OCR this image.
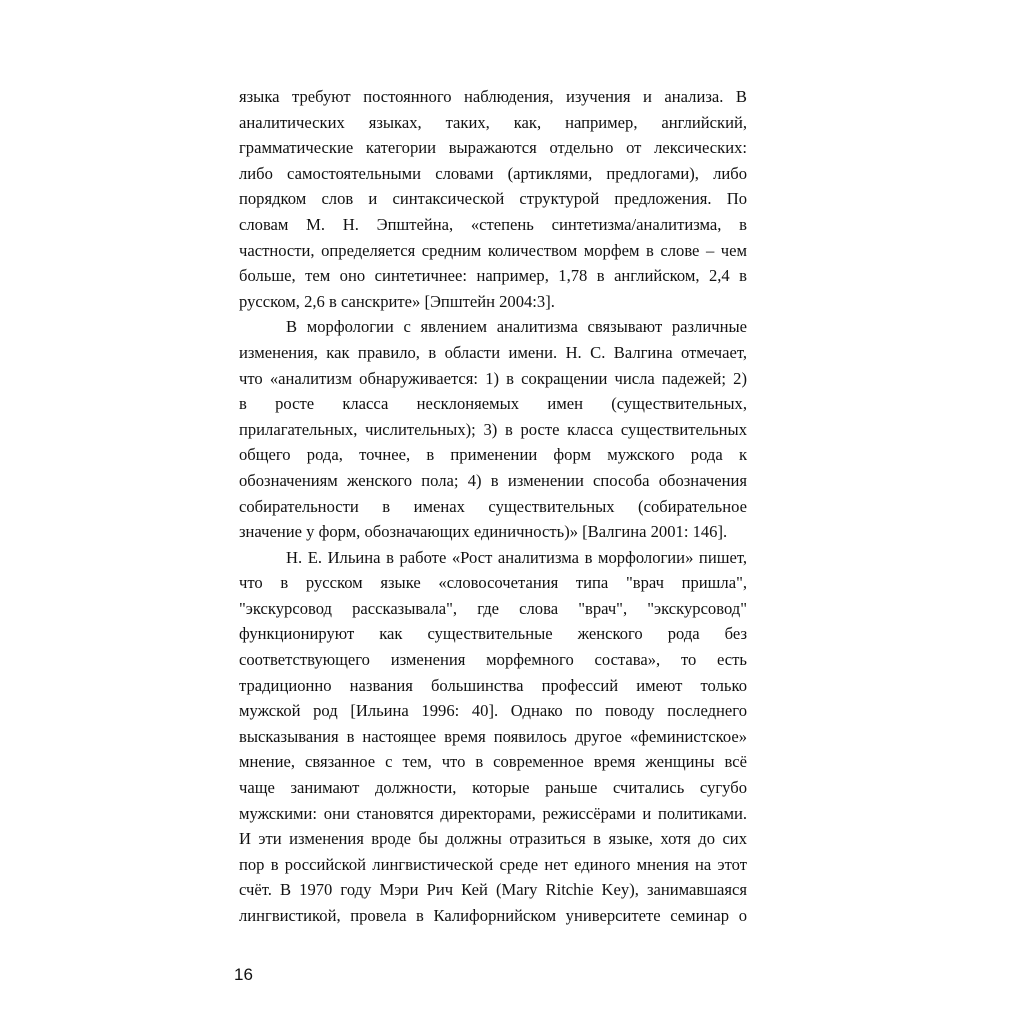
языка требуют постоянного наблюдения, изучения и анализа. В
аналитических языках, таких, как, например, английский,
грамматические категории выражаются отдельно от лексических:
либо самостоятельными словами (артиклями, предлогами), либо
порядком слов и синтаксической структурой предложения. По
словам М. Н. Эпштейна, «степень синтетизма/аналитизма, в
частности, определяется средним количеством морфем в слове – чем
больше, тем оно синтетичнее: например, 1,78 в английском, 2,4 в
русском, 2,6 в санскрите» [Эпштейн 2004:3].
В морфологии с явлением аналитизма связывают различные
изменения, как правило, в области имени. Н. С. Валгина отмечает,
что «аналитизм обнаруживается: 1) в сокращении числа падежей; 2)
в росте класса несклоняемых имен (существительных,
прилагательных, числительных); 3) в росте класса существительных
общего рода, точнее, в применении форм мужского рода к
обозначениям женского пола; 4) в изменении способа обозначения
собирательности в именах существительных (собирательное
значение у форм, обозначающих единичность)» [Валгина 2001: 146].
Н. Е. Ильина в работе «Рост аналитизма в морфологии» пишет,
что в русском языке «словосочетания типа "врач пришла",
"экскурсовод рассказывала", где слова "врач", "экскурсовод"
функционируют как существительные женского рода без
соответствующего изменения морфемного состава», то есть
традиционно названия большинства профессий имеют только
мужской род [Ильина 1996: 40]. Однако по поводу последнего
высказывания в настоящее время появилось другое «феминистское»
мнение, связанное с тем, что в современное время женщины всё
чаще занимают должности, которые раньше считались сугубо
мужскими: они становятся директорами, режиссёрами и политиками.
И эти изменения вроде бы должны отразиться в языке, хотя до сих
пор в российской лингвистической среде нет единого мнения на этот
счёт. В 1970 году Мэри Рич Кей (Mary Ritchie Key), занимавшаяся
лингвистикой, провела в Калифорнийском университете семинар о
16
